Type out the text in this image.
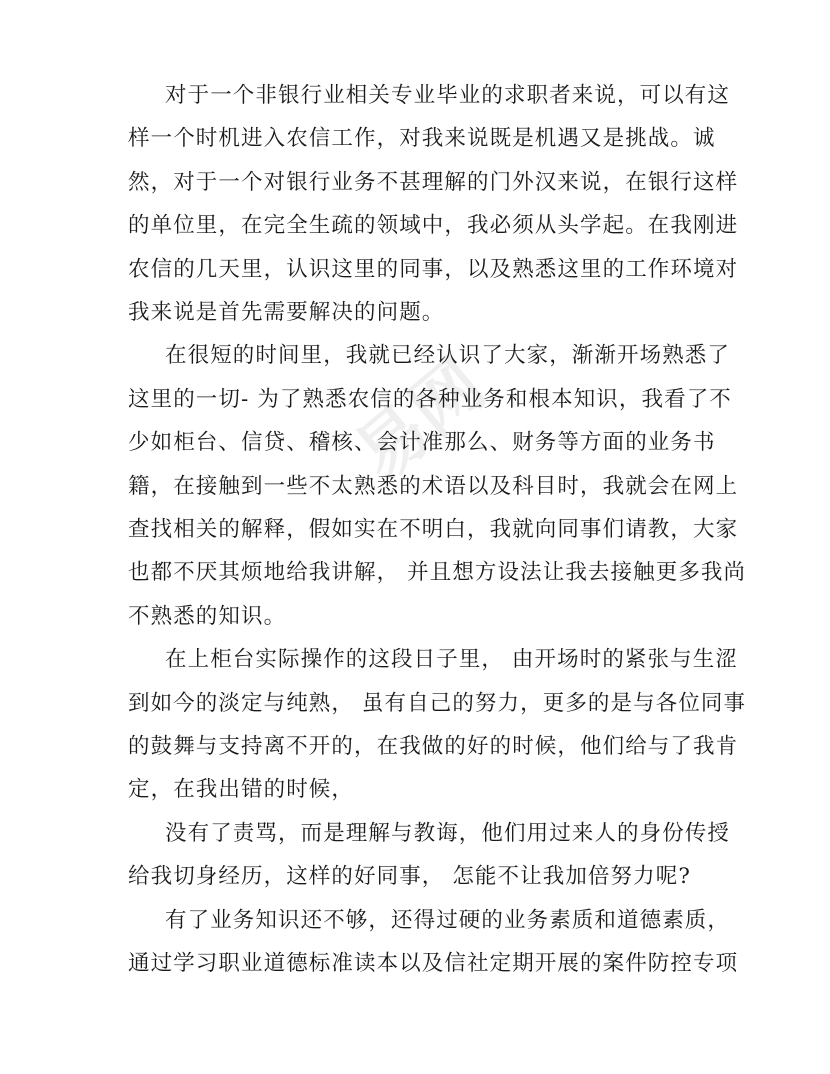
易网
对于一个非银行业相关专业毕业的求职者来说，可以有这
样一个时机进入农信工作，对我来说既是机遇又是挑战。诚
然，对于一个对银行业务不甚理解的门外汉来说，在银行这样
的单位里，在完全生疏的领域中，我必须从头学起。在我刚进
农信的几天里，认识这里的同事，以及熟悉这里的工作环境对
我来说是首先需要解决的问题。
在很短的时间里，我就已经认识了大家，渐渐开场熟悉了
这里的一切- 为了熟悉农信的各种业务和根本知识，我看了不
少如柜台、信贷、稽核、会计准那么、财务等方面的业务书
籍，在接触到一些不太熟悉的术语以及科目时，我就会在网上
查找相关的解释，假如实在不明白，我就向同事们请教，大家
也都不厌其烦地给我讲解， 并且想方设法让我去接触更多我尚
不熟悉的知识。
在上柜台实际操作的这段日子里， 由开场时的紧张与生涩
到如今的淡定与纯熟， 虽有自己的努力，更多的是与各位同事
的鼓舞与支持离不开的，在我做的好的时候，他们给与了我肯
定，在我出错的时候，
没有了责骂，而是理解与教诲，他们用过来人的身份传授
给我切身经历，这样的好同事， 怎能不让我加倍努力呢?
有了业务知识还不够，还得过硬的业务素质和道德素质，
通过学习职业道德标准读本以及信社定期开展的案件防控专项
